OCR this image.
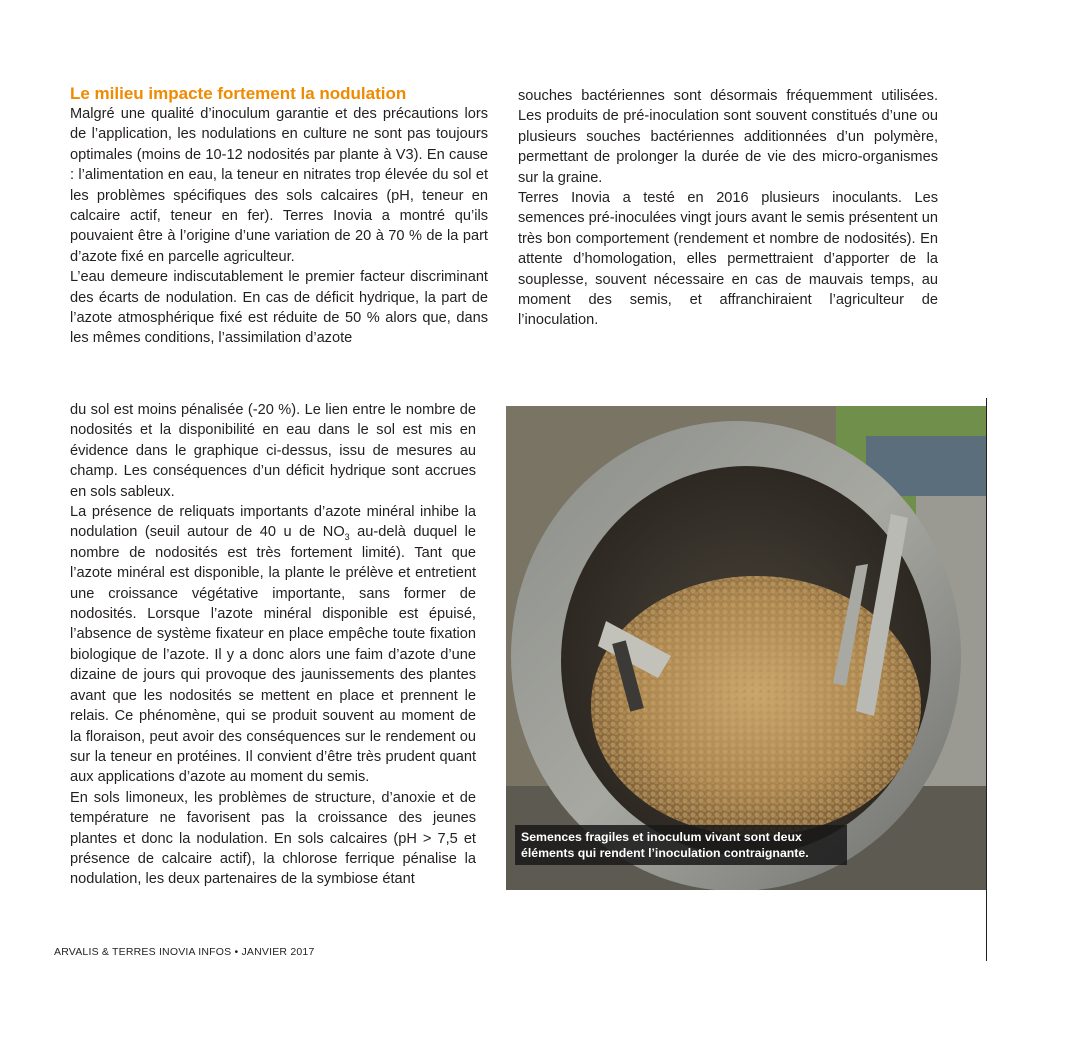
Le milieu impacte fortement la nodulation

Malgré une qualité d’inoculum garantie et des précautions lors de l’application, les nodulations en culture ne sont pas toujours optimales (moins de 10-12 nodosités par plante à V3). En cause : l’alimentation en eau, la teneur en nitrates trop élevée du sol et les problèmes spécifiques des sols calcaires (pH, teneur en calcaire actif, teneur en fer). Terres Inovia a montré qu’ils pouvaient être à l’origine d’une variation de 20 à 70 % de la part d’azote fixé en parcelle agriculteur.

L’eau demeure indiscutablement le premier facteur discriminant des écarts de nodulation. En cas de déficit hydrique, la part de l’azote atmosphérique fixé est réduite de 50 % alors que, dans les mêmes conditions, l’assimilation d’azote

souches bactériennes sont désormais fréquemment utilisées. Les produits de pré-inoculation sont souvent constitués d’une ou plusieurs souches bactériennes additionnées d’un polymère, permettant de prolonger la durée de vie des micro-organismes sur la graine.

Terres Inovia a testé en 2016 plusieurs inoculants. Les semences pré-inoculées vingt jours avant le semis présentent un très bon comportement (rendement et nombre de nodosités). En attente d’homologation, elles permettraient d’apporter de la souplesse, souvent nécessaire en cas de mauvais temps, au moment des semis, et affranchiraient l’agriculteur de l’inoculation.

du sol est moins pénalisée (-20 %). Le lien entre le nombre de nodosités et la disponibilité en eau dans le sol est mis en évidence dans le graphique ci-dessus, issu de mesures au champ. Les conséquences d’un déficit hydrique sont accrues en sols sableux.

La présence de reliquats importants d’azote minéral inhibe la nodulation (seuil autour de 40 u de $NO_3$ au-delà duquel le nombre de nodosités est très fortement limité). Tant que l’azote minéral est disponible, la plante le prélève et entretient une croissance végétative importante, sans former de nodosités. Lorsque l’azote minéral disponible est épuisé, l’absence de système fixateur en place empêche toute fixation biologique de l’azote. Il y a donc alors une faim d’azote d’une dizaine de jours qui provoque des jaunissements des plantes avant que les nodosités se mettent en place et prennent le relais. Ce phénomène, qui se produit souvent au moment de la floraison, peut avoir des conséquences sur le rendement ou sur la teneur en protéines. Il convient d’être très prudent quant aux applications d’azote au moment du semis.

En sols limoneux, les problèmes de structure, d’anoxie et de température ne favorisent pas la croissance des jeunes plantes et donc la nodulation. En sols calcaires (pH > 7,5 et présence de calcaire actif), la chlorose ferrique pénalise la nodulation, les deux partenaires de la symbiose étant

© N. Segura – Terres Inovia
Semences fragiles et inoculum vivant sont deux éléments qui rendent l’inoculation contraignante.
ARVALIS & TERRES INOVIA INFOS • JANVIER 2017
